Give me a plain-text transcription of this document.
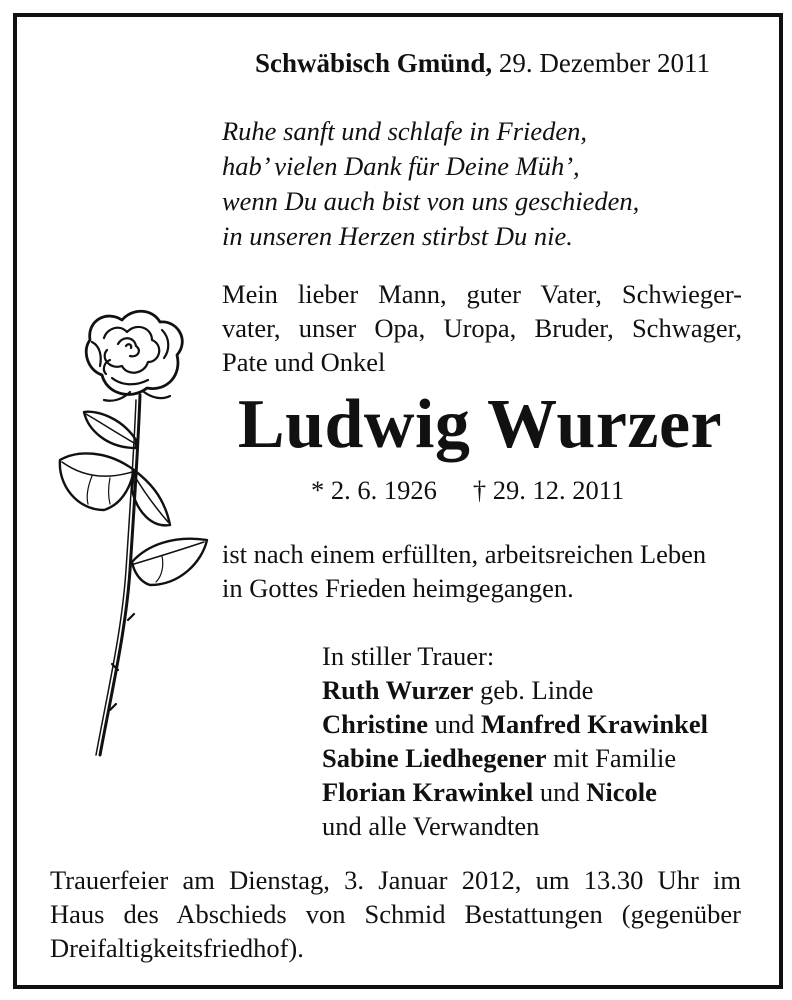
Schwäbisch Gmünd, 29. Dezember 2011
Ruhe sanft und schlafe in Frieden,
hab’ vielen Dank für Deine Müh’,
wenn Du auch bist von uns geschieden,
in unseren Herzen stirbst Du nie.
Mein lieber Mann, guter Vater, Schwieger-
vater, unser Opa, Uropa, Bruder, Schwager,
Pate und Onkel
Ludwig Wurzer
* 2. 6. 1926 † 29. 12. 2011
ist nach einem erfüllten, arbeitsreichen Leben
in Gottes Frieden heimgegangen.
In stiller Trauer:
Ruth Wurzer geb. Linde
Christine und Manfred Krawinkel
Sabine Liedhegener mit Familie
Florian Krawinkel und Nicole
und alle Verwandten
Trauerfeier am Dienstag, 3. Januar 2012, um 13.30 Uhr im
Haus des Abschieds von Schmid Bestattungen (gegenüber
Dreifaltigkeitsfriedhof).
